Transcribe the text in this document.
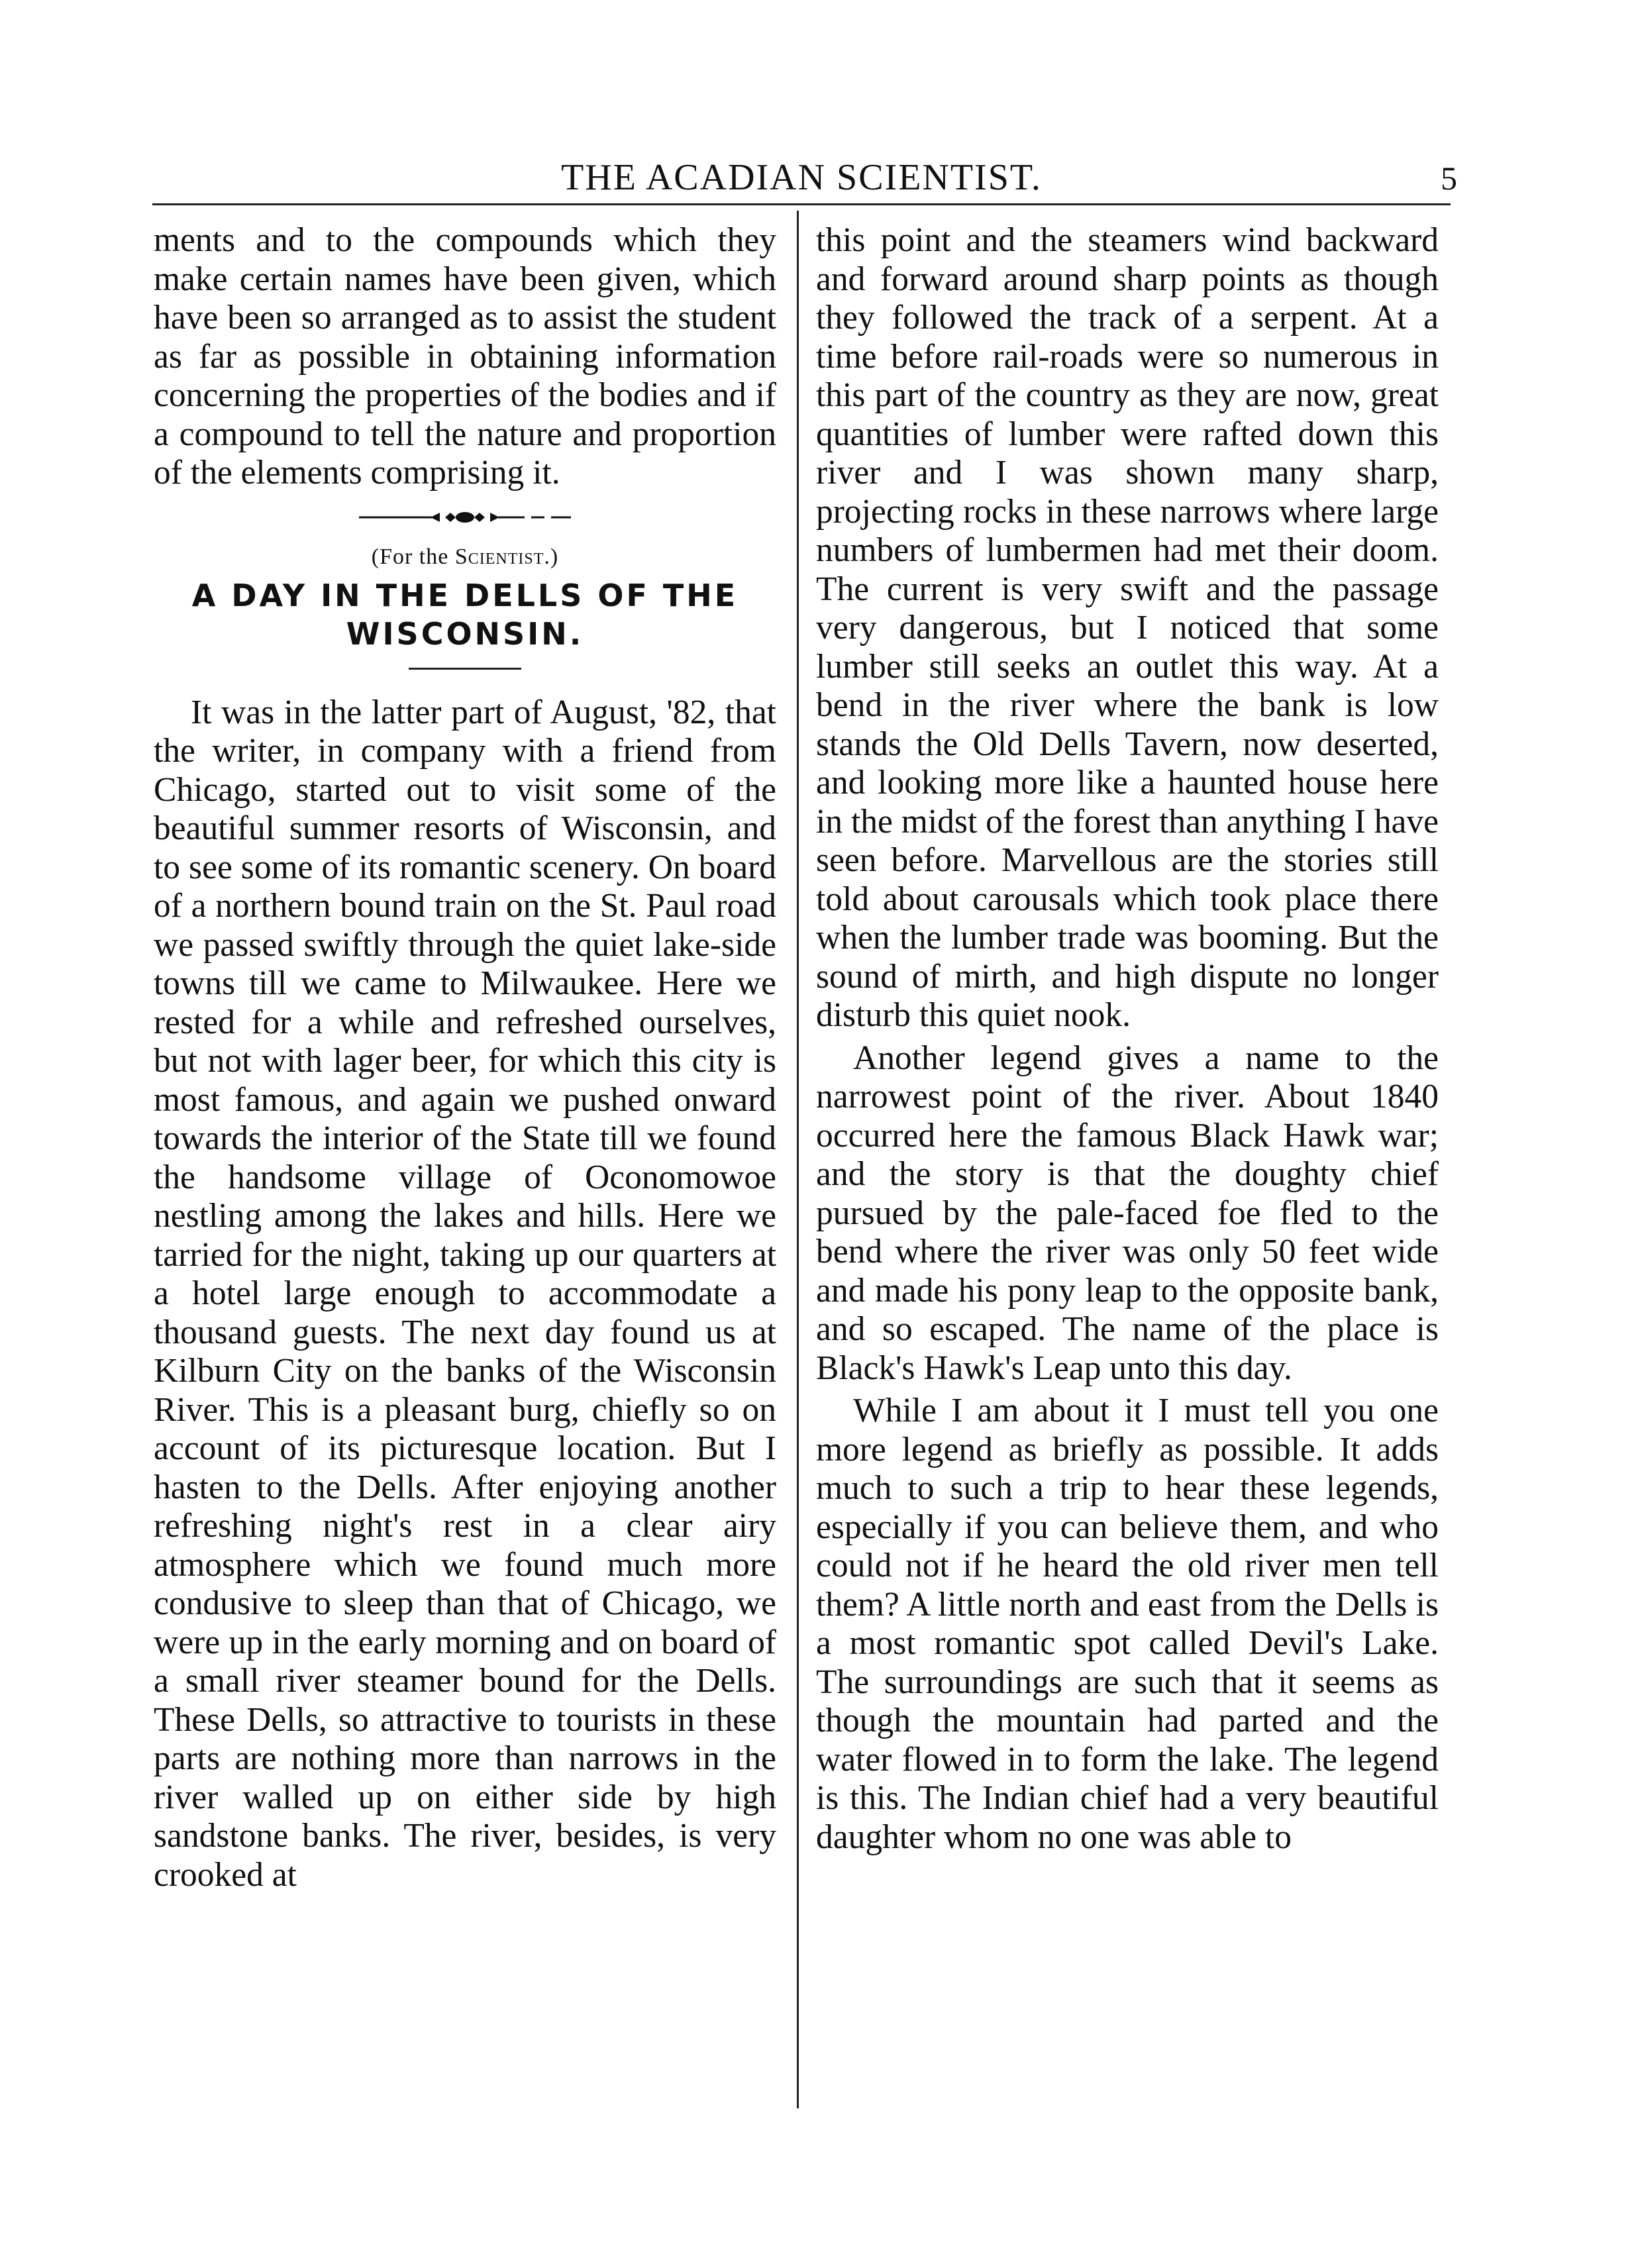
THE ACADIAN SCIENTIST.	5

ments and to the compounds which they make certain names have been given, which have been so arranged as to assist the student as far as possible in obtaining information concerning the properties of the bodies and if a compound to tell the nature and proportion of the elements comprising it.

(For the Scientist.)
A DAY IN THE DELLS OF THE WISCONSIN.

It was in the latter part of August, '82, that the writer, in company with a friend from Chicago, started out to visit some of the beautiful summer resorts of Wisconsin, and to see some of its romantic scenery. On board of a northern bound train on the St. Paul road we passed swiftly through the quiet lake-side towns till we came to Milwaukee. Here we rested for a while and refreshed ourselves, but not with lager beer, for which this city is most famous, and again we pushed onward towards the interior of the State till we found the handsome village of Oconomowoe nestling among the lakes and hills. Here we tarried for the night, taking up our quarters at a hotel large enough to accommodate a thousand guests. The next day found us at Kilburn City on the banks of the Wisconsin River. This is a pleasant burg, chiefly so on account of its picturesque location. But I hasten to the Dells. After enjoying another refreshing night's rest in a clear airy atmosphere which we found much more condusive to sleep than that of Chicago, we were up in the early morning and on board of a small river steamer bound for the Dells. These Dells, so attractive to tourists in these parts are nothing more than narrows in the river walled up on either side by high sandstone banks. The river, besides, is very crooked at

this point and the steamers wind backward and forward around sharp points as though they followed the track of a serpent. At a time before rail-roads were so numerous in this part of the country as they are now, great quantities of lumber were rafted down this river and I was shown many sharp, projecting rocks in these narrows where large numbers of lumbermen had met their doom. The current is very swift and the passage very dangerous, but I noticed that some lumber still seeks an outlet this way. At a bend in the river where the bank is low stands the Old Dells Tavern, now deserted, and looking more like a haunted house here in the midst of the forest than anything I have seen before. Marvellous are the stories still told about carousals which took place there when the lumber trade was booming. But the sound of mirth, and high dispute no longer disturb this quiet nook.

Another legend gives a name to the narrowest point of the river. About 1840 occurred here the famous Black Hawk war; and the story is that the doughty chief pursued by the pale-faced foe fled to the bend where the river was only 50 feet wide and made his pony leap to the opposite bank, and so escaped. The name of the place is Black's Hawk's Leap unto this day.

While I am about it I must tell you one more legend as briefly as possible. It adds much to such a trip to hear these legends, especially if you can believe them, and who could not if he heard the old river men tell them? A little north and east from the Dells is a most romantic spot called Devil's Lake. The surroundings are such that it seems as though the mountain had parted and the water flowed in to form the lake. The legend is this. The Indian chief had a very beautiful daughter whom no one was able to
